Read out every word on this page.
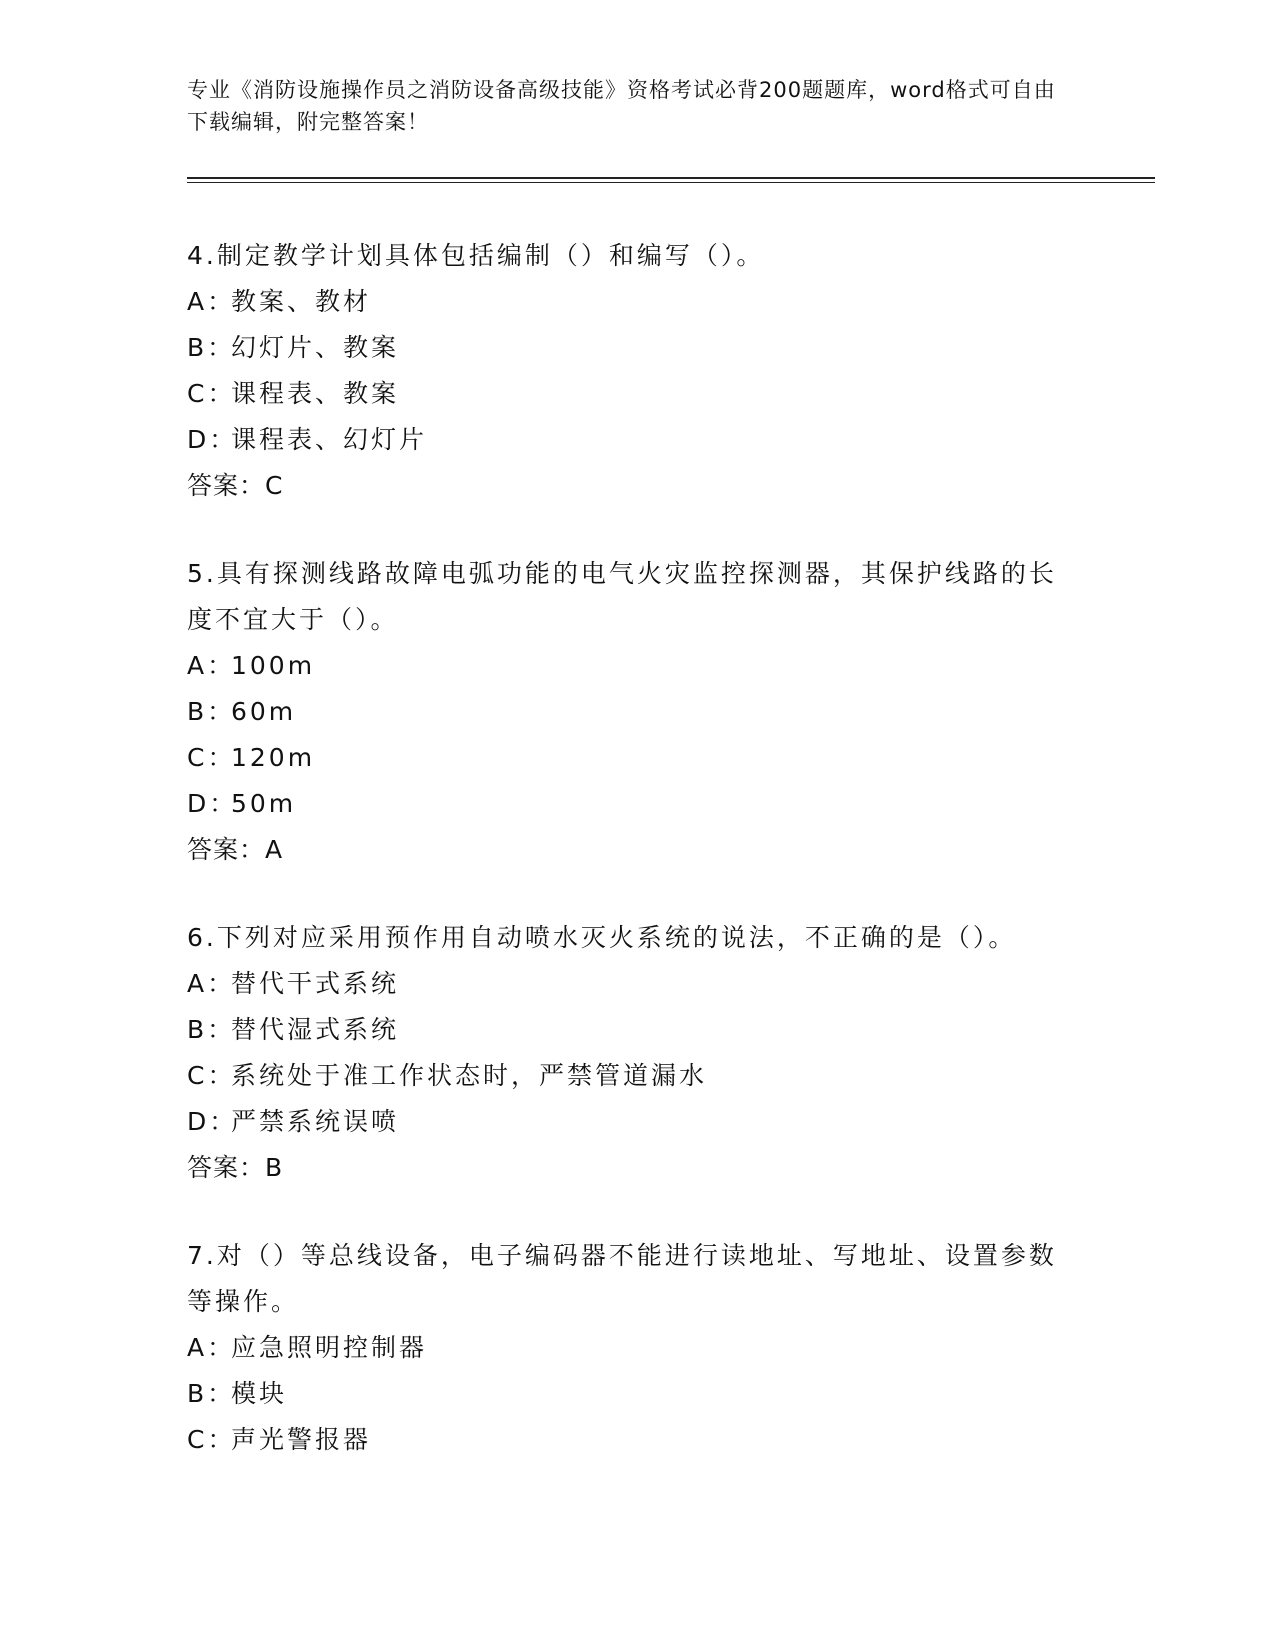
专业《消防设施操作员之消防设备高级技能》资格考试必背200题题库，word格式可自由下载编辑，附完整答案！
4.制定教学计划具体包括编制（）和编写（）。
A：教案、教材
B：幻灯片、教案
C：课程表、教案
D：课程表、幻灯片
答案：C
5.具有探测线路故障电弧功能的电气火灾监控探测器，其保护线路的长度不宜大于（）。
A：100m
B：60m
C：120m
D：50m
答案：A
6.下列对应采用预作用自动喷水灭火系统的说法，不正确的是（）。
A：替代干式系统
B：替代湿式系统
C：系统处于准工作状态时，严禁管道漏水
D：严禁系统误喷
答案：B
7.对（）等总线设备，电子编码器不能进行读地址、写地址、设置参数等操作。
A：应急照明控制器
B：模块
C：声光警报器
